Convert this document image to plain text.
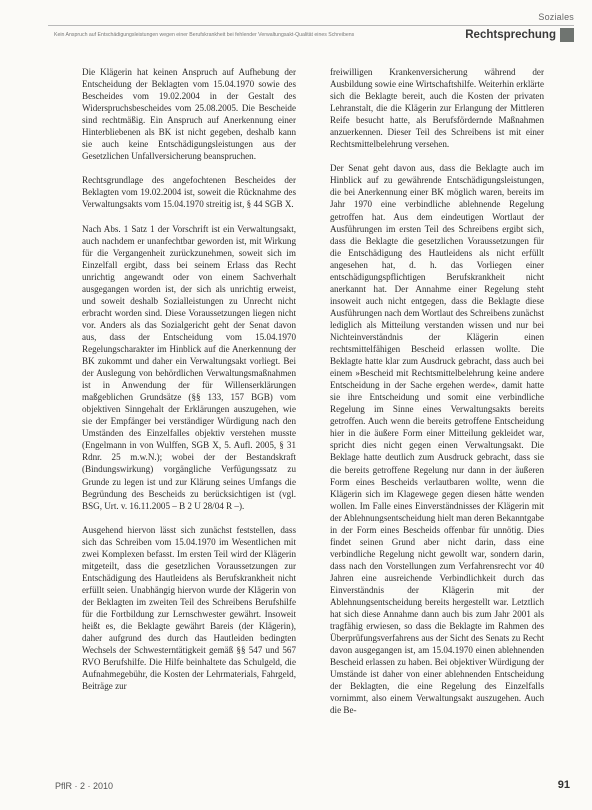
Soziales
Kein Anspruch auf Entschädigungsleistungen wegen einer Berufskrankheit bei fehlender Verwaltungsakt-Qualität eines Schreibens	Rechtsprechung

Die Klägerin hat keinen Anspruch auf Aufhebung der Entscheidung der Beklagten vom 15.04.1970 sowie des Bescheides vom 19.02.2004 in der Gestalt des Widerspruchsbescheides vom 25.08.2005. Die Bescheide sind rechtmäßig. Ein Anspruch auf Anerkennung einer Hinterbliebenen als BK ist nicht gegeben, deshalb kann sie auch keine Entschädigungsleistungen aus der Gesetzlichen Unfallversicherung beanspruchen.

Rechtsgrundlage des angefochtenen Bescheides der Beklagten vom 19.02.2004 ist, soweit die Rücknahme des Verwaltungsakts vom 15.04.1970 streitig ist, § 44 SGB X.

Nach Abs. 1 Satz 1 der Vorschrift ist ein Verwaltungsakt, auch nachdem er unanfechtbar geworden ist, mit Wirkung für die Vergangenheit zurückzunehmen, soweit sich im Einzelfall ergibt, dass bei seinem Erlass das Recht unrichtig angewandt oder von einem Sachverhalt ausgegangen worden ist, der sich als unrichtig erweist, und soweit deshalb Sozialleistungen zu Unrecht nicht erbracht worden sind. Diese Voraussetzungen liegen nicht vor. Anders als das Sozialgericht geht der Senat davon aus, dass der Entscheidung vom 15.04.1970 Regelungscharakter im Hinblick auf die Anerkennung der BK zukommt und daher ein Verwaltungsakt vorliegt. Bei der Auslegung von behördlichen Verwaltungsmaßnahmen ist in Anwendung der für Willenserklärungen maßgeblichen Grundsätze (§§ 133, 157 BGB) vom objektiven Sinngehalt der Erklärungen auszugehen, wie sie der Empfänger bei verständiger Würdigung nach den Umständen des Einzelfalles objektiv verstehen musste (Engelmann in von Wulffen, SGB X, 5. Aufl. 2005, § 31 Rdnr. 25 m.w.N.); wobei der der Bestandskraft (Bindungswirkung) vorgängliche Verfügungssatz zu Grunde zu legen ist und zur Klärung seines Umfangs die Begründung des Bescheids zu berücksichtigen ist (vgl. BSG, Urt. v. 16.11.2005 – B 2 U 28/04 R –).

Ausgehend hiervon lässt sich zunächst feststellen, dass sich das Schreiben vom 15.04.1970 im Wesentlichen mit zwei Komplexen befasst. Im ersten Teil wird der Klägerin mitgeteilt, dass die gesetzlichen Voraussetzungen zur Entschädigung des Hautleidens als Berufskrankheit nicht erfüllt seien. Unabhängig hiervon wurde der Klägerin von der Beklagten im zweiten Teil des Schreibens Berufshilfe für die Fortbildung zur Lernschwester gewährt. Insoweit heißt es, die Beklagte gewährt Bareis (der Klägerin), daher aufgrund des durch das Hautleiden bedingten Wechsels der Schwesterntätigkeit gemäß §§ 547 und 567 RVO Berufshilfe. Die Hilfe beinhaltete das Schulgeld, die Aufnahmegebühr, die Kosten der Lehrmaterials, Fahrgeld, Beiträge zur

freiwilligen Krankenversicherung während der Ausbildung sowie eine Wirtschaftshilfe. Weiterhin erklärte sich die Beklagte bereit, auch die Kosten der privaten Lehranstalt, die die Klägerin zur Erlangung der Mittleren Reife besucht hatte, als Berufsfördernde Maßnahmen anzuerkennen. Dieser Teil des Schreibens ist mit einer Rechtsmittelbelehrung versehen.

Der Senat geht davon aus, dass die Beklagte auch im Hinblick auf zu gewährende Entschädigungsleistungen, die bei Anerkennung einer BK möglich waren, bereits im Jahr 1970 eine verbindliche ablehnende Regelung getroffen hat. Aus dem eindeutigen Wortlaut der Ausführungen im ersten Teil des Schreibens ergibt sich, dass die Beklagte die gesetzlichen Voraussetzungen für die Entschädigung des Hautleidens als nicht erfüllt angesehen hat, d. h. das Vorliegen einer entschädigungspflichtigen Berufskrankheit nicht anerkannt hat. Der Annahme einer Regelung steht insoweit auch nicht entgegen, dass die Beklagte diese Ausführungen nach dem Wortlaut des Schreibens zunächst lediglich als Mitteilung verstanden wissen und nur bei Nichteinverständnis der Klägerin einen rechtsmittelfähigen Bescheid erlassen wollte. Die Beklagte hatte klar zum Ausdruck gebracht, dass auch bei einem »Bescheid mit Rechtsmittelbelehrung keine andere Entscheidung in der Sache ergehen werde«, damit hatte sie ihre Entscheidung und somit eine verbindliche Regelung im Sinne eines Verwaltungsakts bereits getroffen. Auch wenn die bereits getroffene Entscheidung hier in die äußere Form einer Mitteilung gekleidet war, spricht dies nicht gegen einen Verwaltungsakt. Die Beklage hatte deutlich zum Ausdruck gebracht, dass sie die bereits getroffene Regelung nur dann in der äußeren Form eines Bescheids verlautbaren wollte, wenn die Klägerin sich im Klagewege gegen diesen hätte wenden wollen. Im Falle eines Einverständnisses der Klägerin mit der Ablehnungsentscheidung hielt man deren Bekanntgabe in der Form eines Bescheids offenbar für unnötig. Dies findet seinen Grund aber nicht darin, dass eine verbindliche Regelung nicht gewollt war, sondern darin, dass nach den Vorstellungen zum Verfahrensrecht vor 40 Jahren eine ausreichende Verbindlichkeit durch das Einverständnis der Klägerin mit der Ablehnungsentscheidung bereits hergestellt war. Letztlich hat sich diese Annahme dann auch bis zum Jahr 2001 als tragfähig erwiesen, so dass die Beklagte im Rahmen des Überprüfungsverfahrens aus der Sicht des Senats zu Recht davon ausgegangen ist, am 15.04.1970 einen ablehnenden Bescheid erlassen zu haben. Bei objektiver Würdigung der Umstände ist daher von einer ablehnenden Entscheidung der Beklagten, die eine Regelung des Einzelfalls vornimmt, also einem Verwaltungsakt auszugehen. Auch die Be-

PflR · 2 · 2010	91
